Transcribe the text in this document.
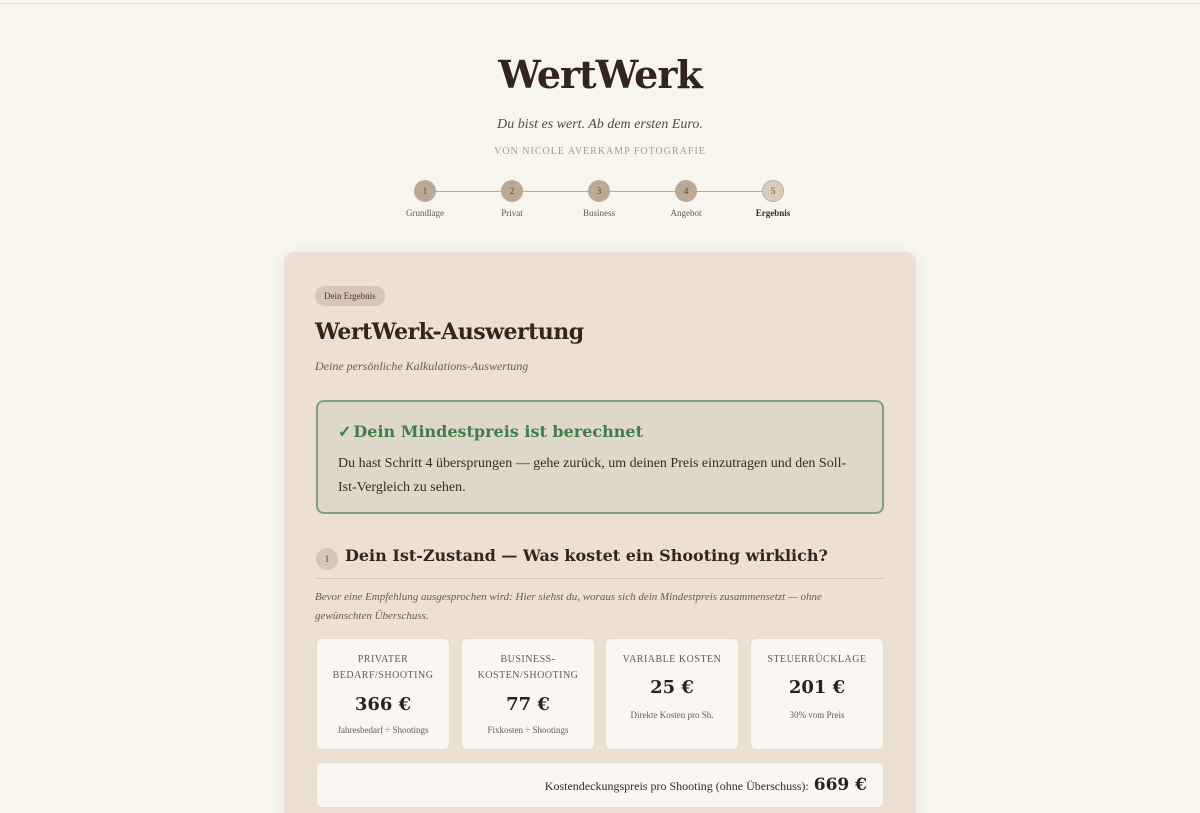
WertWerk
Du bist es wert. Ab dem ersten Euro.
VON NICOLE AVERKAMP FOTOGRAFIE
1
Grundlage
2
Privat
3
Business
4
Angebot
5
Ergebnis
Dein Ergebnis
WertWerk-Auswertung
Deine persönliche Kalkulations-Auswertung
✓ Dein Mindestpreis ist berechnet
Du hast Schritt 4 übersprungen — gehe zurück, um deinen Preis einzutragen und den Soll-Ist-Vergleich zu sehen.
1 Dein Ist-Zustand — Was kostet ein Shooting wirklich?
Bevor eine Empfehlung ausgesprochen wird: Hier siehst du, woraus sich dein Mindestpreis zusammensetzt — ohne gewünschten Überschuss.
PRIVATER BEDARF/SHOOTING
366 €
Jahresbedarf ÷ Shootings
BUSINESS-KOSTEN/SHOOTING
77 €
Fixkosten ÷ Shootings
VARIABLE KOSTEN
25 €
Direkte Kosten pro Sh.
STEUERRÜCKLAGE
201 €
30% vom Preis
Kostendeckungspreis pro Shooting (ohne Überschuss): 669 €
